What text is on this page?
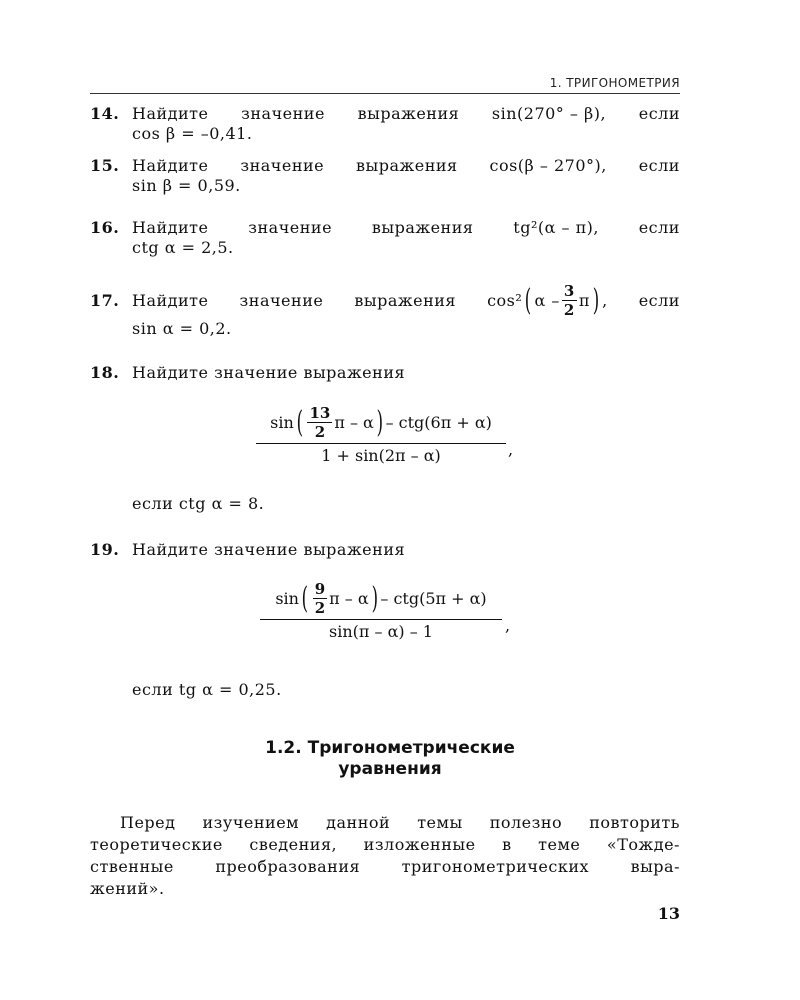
1. ТРИГОНОМЕТРИЯ
14. Найдите значение выражения sin(270° – β), если
cos β = –0,41.
15. Найдите значение выражения cos(β – 270°), если
sin β = 0,59.
16. Найдите значение выражения tg²(α – π), если
ctg α = 2,5.
17. Найдите значение выражения cos² ( α – $\frac{3}{2}$ π ) , если
sin α = 0,2.
18. Найдите значение выражения
sin ( $\frac{13}{2}$ π – α ) – ctg(6π + α)
1 + sin(2π – α)	,
если ctg α = 8.
19. Найдите значение выражения
sin ( $\frac{9}{2}$ π – α ) – ctg(5π + α)
sin(π – α) – 1	,
если tg α = 0,25.
1.2. Тригонометрические
уравнения
Перед изучением данной темы полезно повторить
теоретические сведения, изложенные в теме «Тожде-
ственные	преобразования	тригонометрических	выра-
жений».
13
